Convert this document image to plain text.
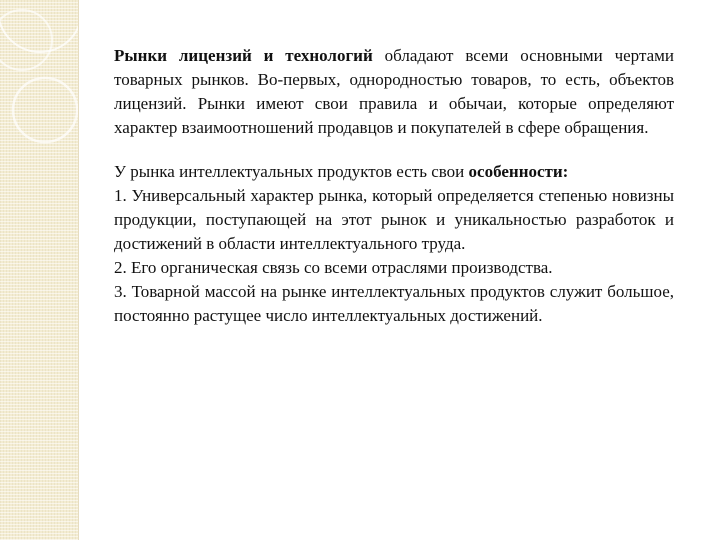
Рынки лицензий и технологий обладают всеми основными чертами товарных рынков. Во-первых, однородностью товаров, то есть, объектов лицензий. Рынки имеют свои правила и обычаи, которые определяют характер взаимоотношений продавцов и покупателей в сфере обращения.

У рынка интеллектуальных продуктов есть свои особенности:

1. Универсальный характер рынка, который определяется степенью новизны продукции, поступающей на этот рынок и уникальностью разработок и достижений в области интеллектуального труда.

2. Его органическая связь со всеми отраслями производства.

3. Товарной массой на рынке интеллектуальных продуктов служит большое, постоянно растущее число интеллектуальных достижений.
